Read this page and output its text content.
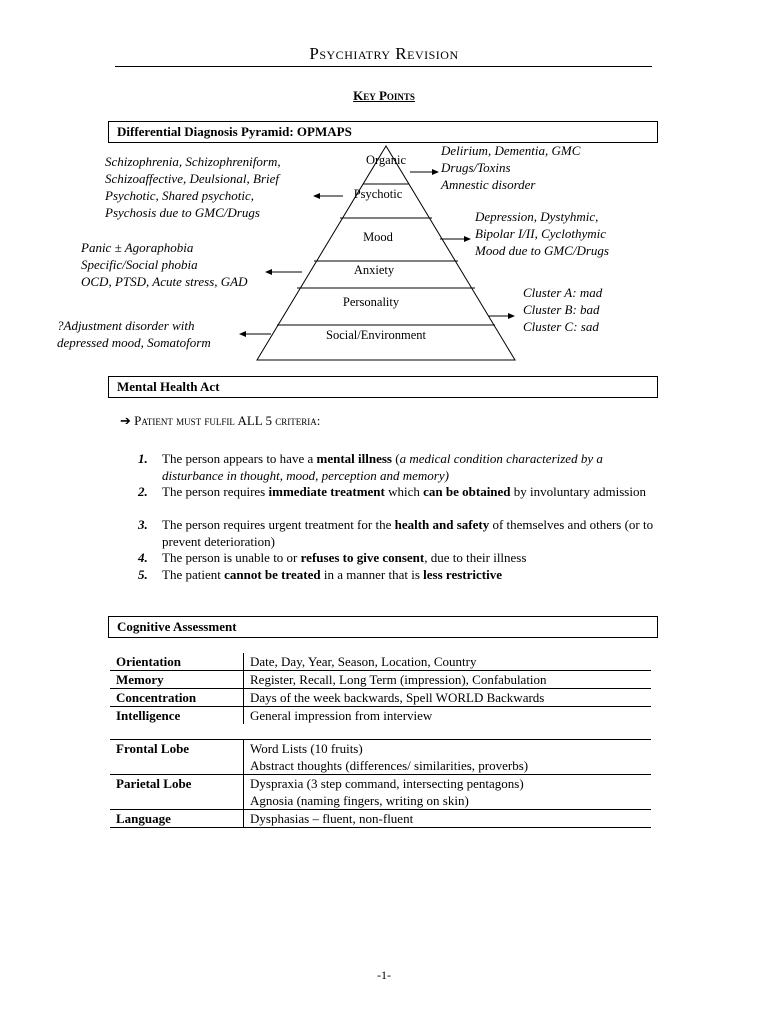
Psychiatry Revision
Key Points
Differential Diagnosis Pyramid: OPMAPS
Organic
Psychotic
Mood
Anxiety
Personality
Social/Environment
Delirium, Dementia, GMC
Drugs/Toxins
Amnestic disorder
Schizophrenia, Schizophreniform,
Schizoaffective, Deulsional, Brief
Psychotic, Shared psychotic,
Psychosis due to GMC/Drugs	Depression, Dystyhmic,
Bipolar I/II, Cyclothymic
Mood due to GMC/Drugs
Panic ± Agoraphobia
Specific/Social phobia
OCD, PTSD, Acute stress, GAD
Cluster A: mad
Cluster B: bad
Cluster C: sad
?Adjustment disorder with
depressed mood, Somatoform
Mental Health Act
➔ Patient must fulfil ALL 5 criteria:
1. The person appears to have a mental illness (a medical condition characterized by a disturbance in thought, mood, perception and memory)
2. The person requires immediate treatment which can be obtained by involuntary admission
3. The person requires urgent treatment for the health and safety of themselves and others (or to prevent deterioration)
4. The person is unable to or refuses to give consent, due to their illness
5. The patient cannot be treated in a manner that is less restrictive
Cognitive Assessment
Orientation	Date, Day, Year, Season, Location, Country
Memory	Register, Recall, Long Term (impression), Confabulation
Concentration	Days of the week backwards, Spell WORLD Backwards
Intelligence	General impression from interview
Frontal Lobe	Word Lists (10 fruits)
Abstract thoughts (differences/ similarities, proverbs)

Parietal Lobe	Dyspraxia (3 step command, intersecting pentagons)
Agnosia (naming fingers, writing on skin)

Language	Dysphasias – fluent, non-fluent
-1-
